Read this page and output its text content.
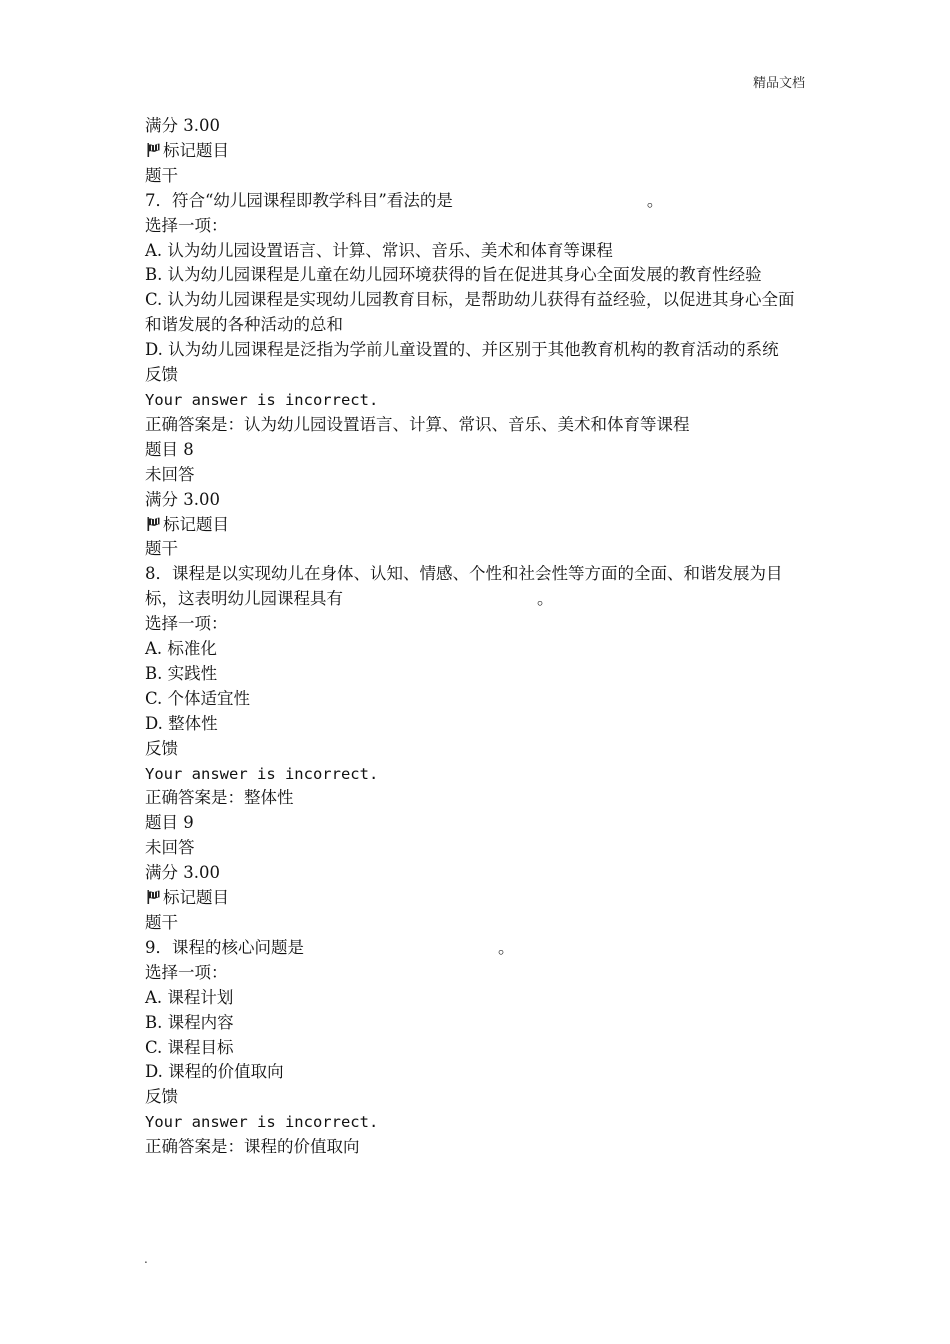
精品文档
满分 3.00
标记题目
题干
7．符合“幼儿园课程即教学科目”看法的是	。
选择一项：
A. 认为幼儿园设置语言、计算、常识、音乐、美术和体育等课程
B. 认为幼儿园课程是儿童在幼儿园环境获得的旨在促进其身心全面发展的教育性经验
C. 认为幼儿园课程是实现幼儿园教育目标，是帮助幼儿获得有益经验，以促进其身心全面和谐发展的各种活动的总和
D. 认为幼儿园课程是泛指为学前儿童设置的、并区别于其他教育机构的教育活动的系统
反馈
Your answer is incorrect.
正确答案是：认为幼儿园设置语言、计算、常识、音乐、美术和体育等课程
题目 8
未回答
满分 3.00
标记题目
题干
8．课程是以实现幼儿在身体、认知、情感、个性和社会性等方面的全面、和谐发展为目标，这表明幼儿园课程具有	。
选择一项：
A. 标准化
B. 实践性
C. 个体适宜性
D. 整体性
反馈
Your answer is incorrect.
正确答案是：整体性
题目 9
未回答
满分 3.00
标记题目
题干
9．课程的核心问题是	。
选择一项：
A. 课程计划
B. 课程内容
C. 课程目标
D. 课程的价值取向
反馈
Your answer is incorrect.
正确答案是：课程的价值取向
.
